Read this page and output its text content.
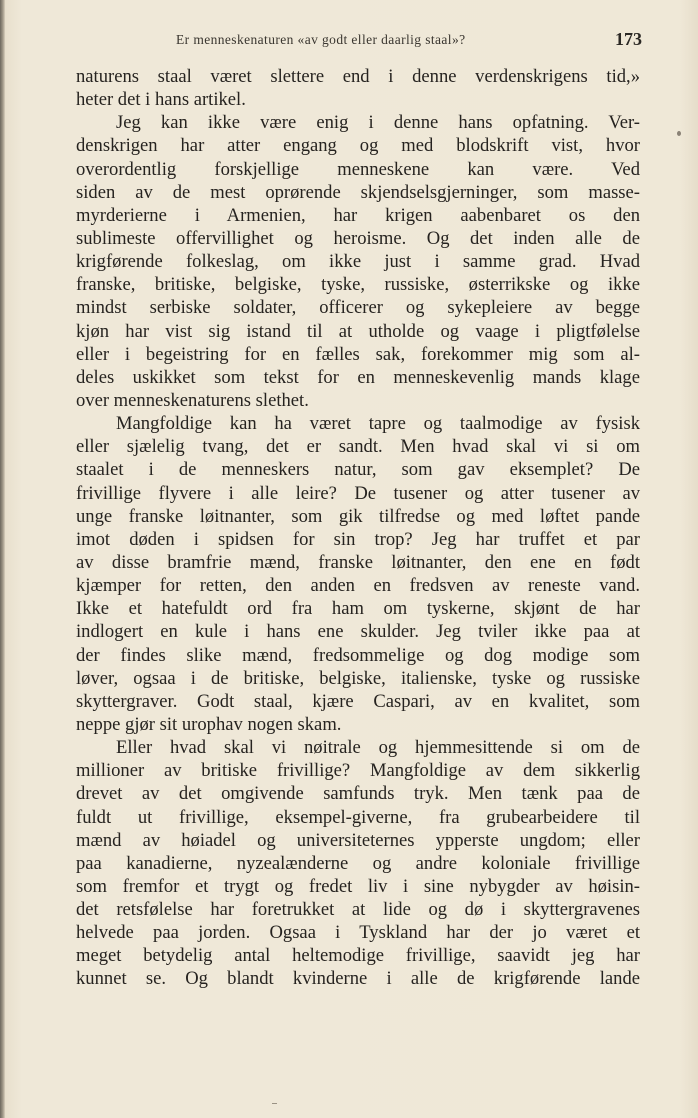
Er menneskenaturen «av godt eller daarlig staal»?	173
naturens staal været slettere end i denne verdenskrigens tid,»
heter det i hans artikel.
Jeg kan ikke være enig i denne hans opfatning. Ver-
denskrigen har atter engang og med blodskrift vist, hvor
overordentlig forskjellige menneskene kan være. Ved
siden av de mest oprørende skjendselsgjerninger, som masse-
myrderierne i Armenien, har krigen aabenbaret os den
sublimeste offervillighet og heroisme. Og det inden alle de
krigførende folkeslag, om ikke just i samme grad. Hvad
franske, britiske, belgiske, tyske, russiske, østerrikske og ikke
mindst serbiske soldater, officerer og sykepleiere av begge
kjøn har vist sig istand til at utholde og vaage i pligtfølelse
eller i begeistring for en fælles sak, forekommer mig som al-
deles uskikket som tekst for en menneskevenlig mands klage
over menneskenaturens slethet.
Mangfoldige kan ha været tapre og taalmodige av fysisk
eller sjælelig tvang, det er sandt. Men hvad skal vi si om
staalet i de menneskers natur, som gav eksemplet? De
frivillige flyvere i alle leire? De tusener og atter tusener av
unge franske løitnanter, som gik tilfredse og med løftet pande
imot døden i spidsen for sin trop? Jeg har truffet et par
av disse bramfrie mænd, franske løitnanter, den ene en født
kjæmper for retten, den anden en fredsven av reneste vand.
Ikke et hatefuldt ord fra ham om tyskerne, skjønt de har
indlogert en kule i hans ene skulder. Jeg tviler ikke paa at
der findes slike mænd, fredsommelige og dog modige som
løver, ogsaa i de britiske, belgiske, italienske, tyske og russiske
skyttergraver. Godt staal, kjære Caspari, av en kvalitet, som
neppe gjør sit urophav nogen skam.
Eller hvad skal vi nøitrale og hjemmesittende si om de
millioner av britiske frivillige? Mangfoldige av dem sikkerlig
drevet av det omgivende samfunds tryk. Men tænk paa de
fuldt ut frivillige, eksempel-giverne, fra grubearbeidere til
mænd av høiadel og universiteternes ypperste ungdom; eller
paa kanadierne, nyzealænderne og andre koloniale frivillige
som fremfor et trygt og fredet liv i sine nybygder av høisin-
det retsfølelse har foretrukket at lide og dø i skyttergravenes
helvede paa jorden. Ogsaa i Tyskland har der jo været et
meget betydelig antal heltemodige frivillige, saavidt jeg har
kunnet se. Og blandt kvinderne i alle de krigførende lande
